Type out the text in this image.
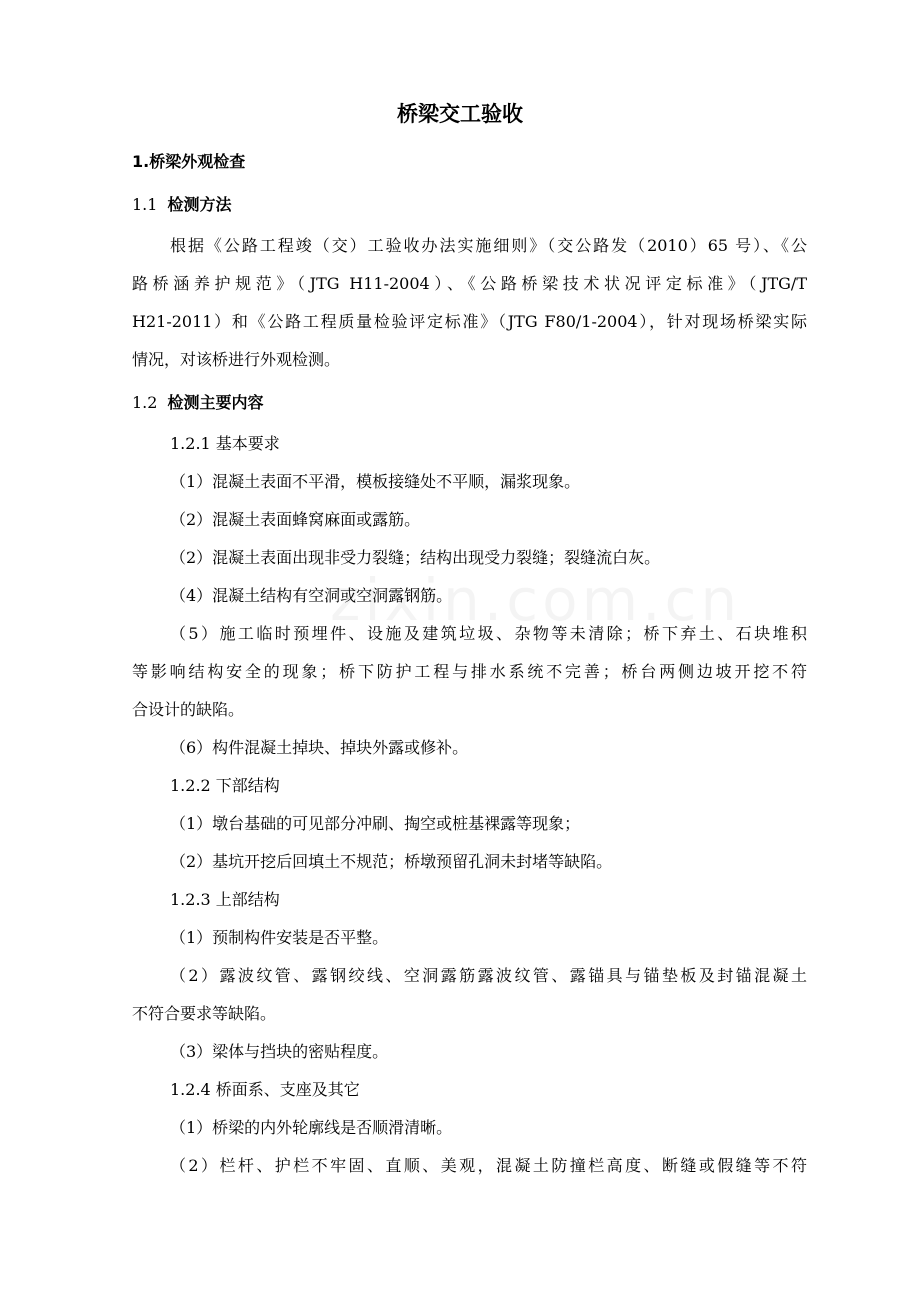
桥梁交工验收
1.桥梁外观检查
1.1 检测方法
根据《公路工程竣（交）工验收办法实施细则》（交公路发（2010）65 号）、《公
路桥涵养护规范》（JTG H11-2004）、《公路桥梁技术状况评定标准》（JTG/T
H21-2011）和《公路工程质量检验评定标准》（JTG F80/1-2004），针对现场桥梁实际
情况，对该桥进行外观检测。
1.2 检测主要内容
1.2.1 基本要求
（1）混凝土表面不平滑，模板接缝处不平顺，漏浆现象。
（2）混凝土表面蜂窝麻面或露筋。
（2）混凝土表面出现非受力裂缝；结构出现受力裂缝；裂缝流白灰。
（4）混凝土结构有空洞或空洞露钢筋。
（5）施工临时预埋件、设施及建筑垃圾、杂物等未清除；桥下弃土、石块堆积
等影响结构安全的现象；桥下防护工程与排水系统不完善；桥台两侧边坡开挖不符
合设计的缺陷。
（6）构件混凝土掉块、掉块外露或修补。
1.2.2 下部结构
（1）墩台基础的可见部分冲刷、掏空或桩基裸露等现象；
（2）基坑开挖后回填土不规范；桥墩预留孔洞未封堵等缺陷。
1.2.3 上部结构
（1）预制构件安装是否平整。
（2）露波纹管、露钢绞线、空洞露筋露波纹管、露锚具与锚垫板及封锚混凝土
不符合要求等缺陷。
（3）梁体与挡块的密贴程度。
1.2.4 桥面系、支座及其它
（1）桥梁的内外轮廓线是否顺滑清晰。
（2）栏杆、护栏不牢固、直顺、美观，混凝土防撞栏高度、断缝或假缝等不符
